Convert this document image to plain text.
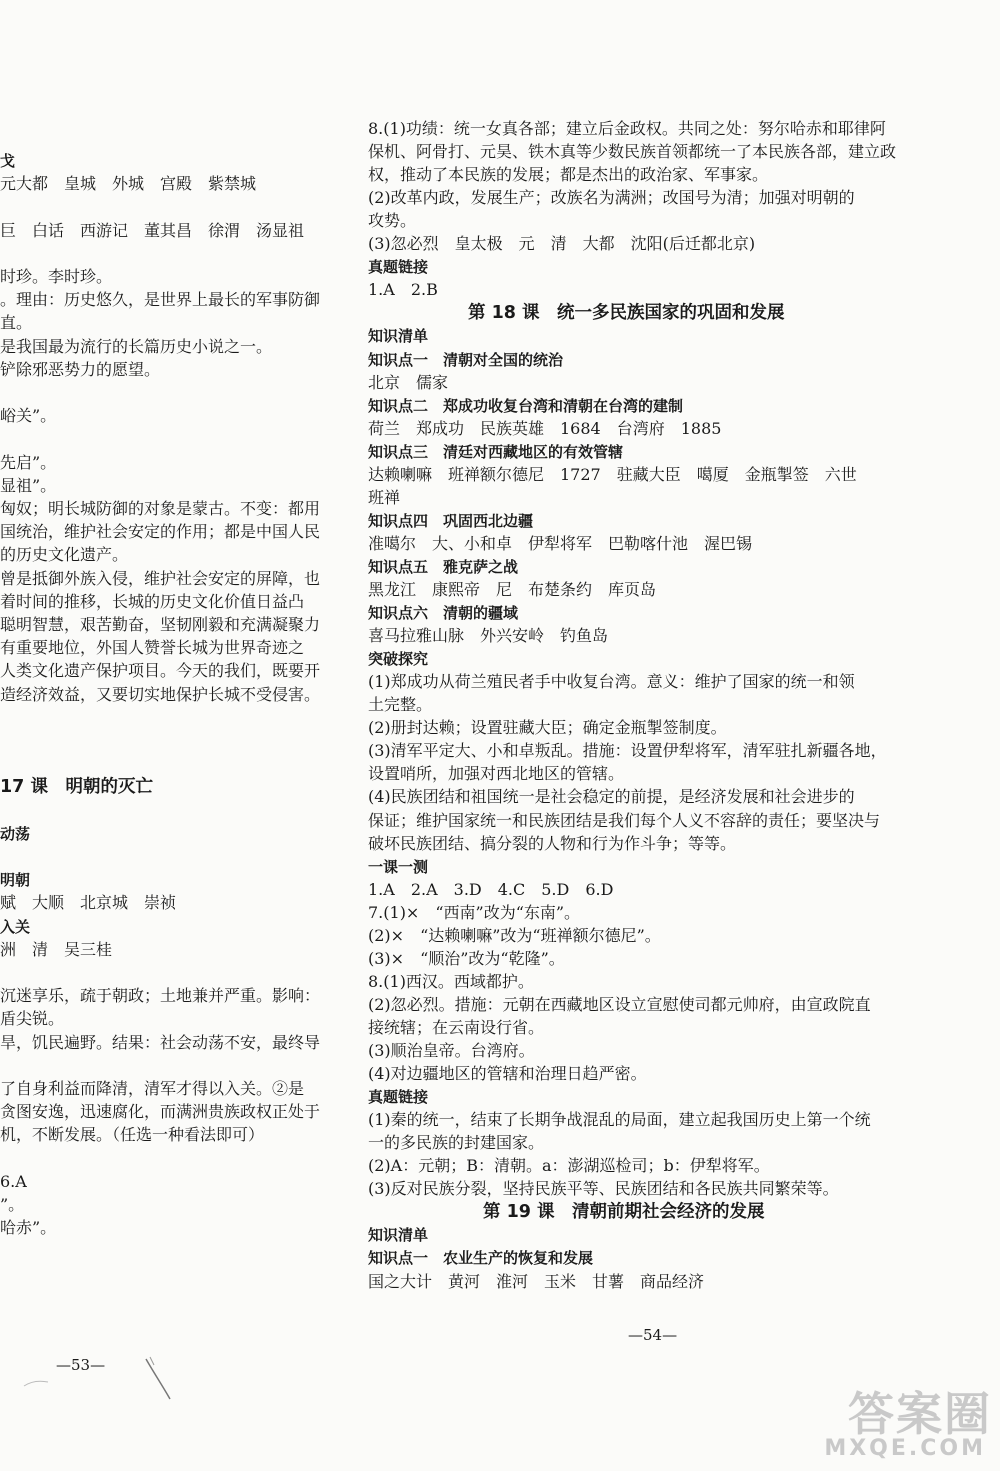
戈
元大都　皇城　外城　宫殿　紫禁城
巨　白话　西游记　董其昌　徐渭　汤显祖
时珍。李时珍。
。理由：历史悠久，是世界上最长的军事防御
直。
是我国最为流行的长篇历史小说之一。
铲除邪恶势力的愿望。
峪关”。
先启”。
显祖”。
匈奴；明长城防御的对象是蒙古。不变：都用
国统治，维护社会安定的作用；都是中国人民
的历史文化遗产。
曾是抵御外族入侵，维护社会安定的屏障，也
着时间的推移，长城的历史文化价值日益凸
聪明智慧，艰苦勤奋，坚韧刚毅和充满凝聚力
有重要地位，外国人赞誉长城为世界奇迹之
人类文化遗产保护项目。今天的我们，既要开
造经济效益，又要切实地保护长城不受侵害。
17 课　明朝的灭亡
动荡
明朝
赋　大顺　北京城　崇祯
入关
洲　清　吴三桂
沉迷享乐，疏于朝政；土地兼并严重。影响：
盾尖锐。
旱，饥民遍野。结果：社会动荡不安，最终导
了自身利益而降清，清军才得以入关。②是
贪图安逸，迅速腐化，而满洲贵族政权正处于
机，不断发展。（任选一种看法即可）
6.A
”。
哈赤”。
8.(1)功绩：统一女真各部；建立后金政权。共同之处：努尔哈赤和耶律阿
保机、阿骨打、元昊、铁木真等少数民族首领都统一了本民族各部，建立政
权，推动了本民族的发展；都是杰出的政治家、军事家。
(2)改革内政，发展生产；改族名为满洲；改国号为清；加强对明朝的
攻势。
(3)忽必烈　皇太极　元　清　大都　沈阳(后迁都北京)
真题链接
1.A　2.B
第 18 课　统一多民族国家的巩固和发展
知识清单
知识点一　清朝对全国的统治
北京　儒家
知识点二　郑成功收复台湾和清朝在台湾的建制
荷兰　郑成功　民族英雄　1684　台湾府　1885
知识点三　清廷对西藏地区的有效管辖
达赖喇嘛　班禅额尔德尼　1727　驻藏大臣　噶厦　金瓶掣签　六世
班禅
知识点四　巩固西北边疆
准噶尔　大、小和卓　伊犁将军　巴勒喀什池　渥巴锡
知识点五　雅克萨之战
黑龙江　康熙帝　尼　布楚条约　库页岛
知识点六　清朝的疆域
喜马拉雅山脉　外兴安岭　钓鱼岛
突破探究
(1)郑成功从荷兰殖民者手中收复台湾。意义：维护了国家的统一和领
土完整。
(2)册封达赖；设置驻藏大臣；确定金瓶掣签制度。
(3)清军平定大、小和卓叛乱。措施：设置伊犁将军，清军驻扎新疆各地，
设置哨所，加强对西北地区的管辖。
(4)民族团结和祖国统一是社会稳定的前提，是经济发展和社会进步的
保证；维护国家统一和民族团结是我们每个人义不容辞的责任；要坚决与
破坏民族团结、搞分裂的人物和行为作斗争；等等。
一课一测
1.A　2.A　3.D　4.C　5.D　6.D
7.(1)×　“西南”改为“东南”。
(2)×　“达赖喇嘛”改为“班禅额尔德尼”。
(3)×　“顺治”改为“乾隆”。
8.(1)西汉。西域都护。
(2)忽必烈。措施：元朝在西藏地区设立宣慰使司都元帅府，由宣政院直
接统辖；在云南设行省。
(3)顺治皇帝。台湾府。
(4)对边疆地区的管辖和治理日趋严密。
真题链接
(1)秦的统一，结束了长期争战混乱的局面，建立起我国历史上第一个统
一的多民族的封建国家。
(2)A：元朝；B：清朝。a：澎湖巡检司；b：伊犁将军。
(3)反对民族分裂，坚持民族平等、民族团结和各民族共同繁荣等。
第 19 课　清朝前期社会经济的发展
知识清单
知识点一　农业生产的恢复和发展
国之大计　黄河　淮河　玉米　甘薯　商品经济
—53—
—54—
答案圈
MXQE.COM
